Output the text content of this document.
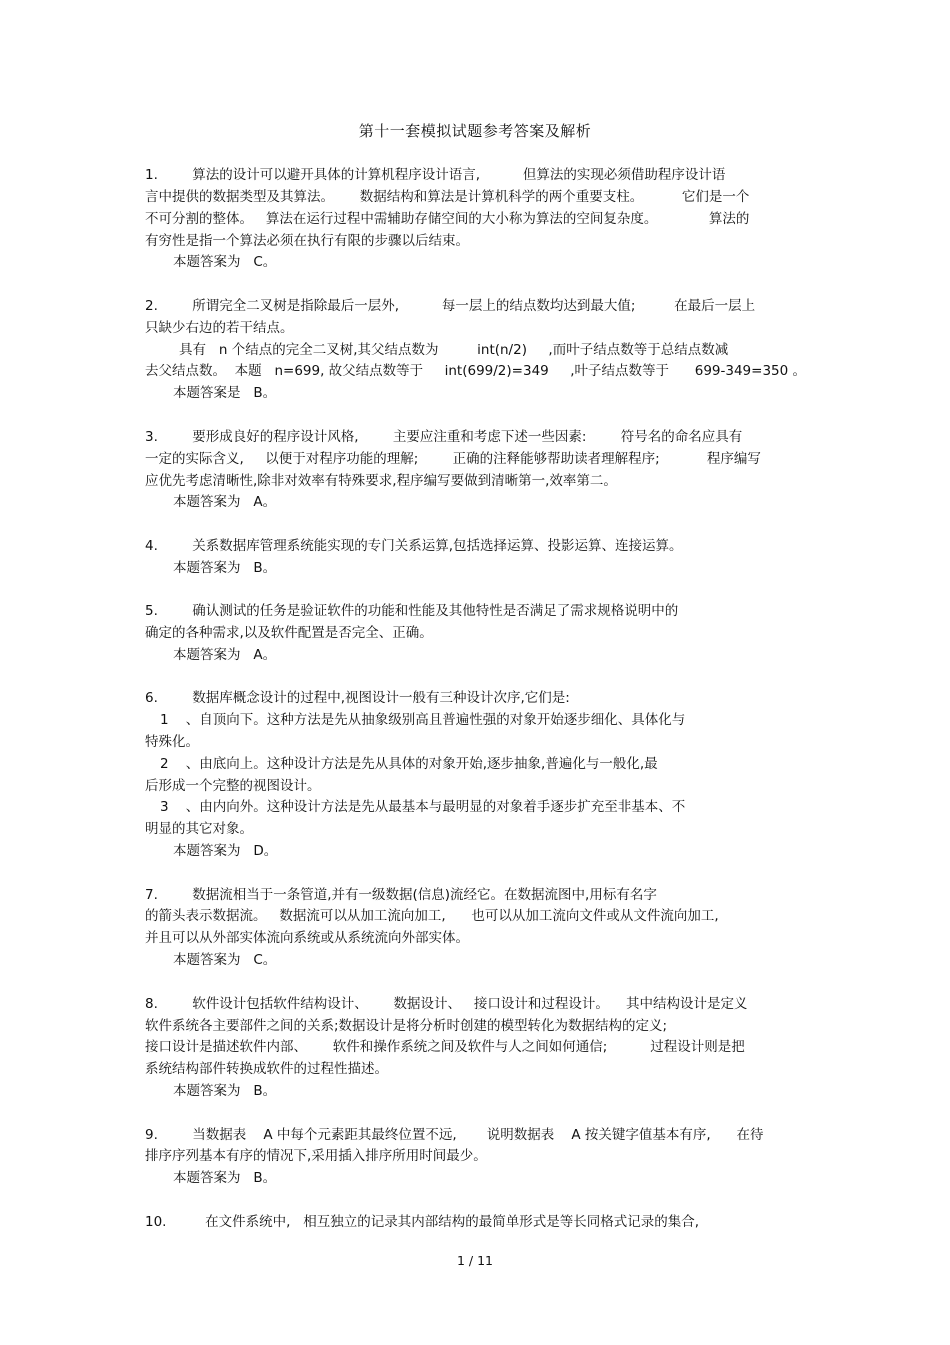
第十一套模拟试题参考答案及解析
1.        算法的设计可以避开具体的计算机程序设计语言,          但算法的实现必须借助程序设计语
言中提供的数据类型及其算法。      数据结构和算法是计算机科学的两个重要支柱。         它们是一个
不可分割的整体。   算法在运行过程中需辅助存储空间的大小称为算法的空间复杂度。            算法的
有穷性是指一个算法必须在执行有限的步骤以后结束。
本题答案为   C。
2.        所谓完全二叉树是指除最后一层外,          每一层上的结点数均达到最大值;         在最后一层上
只缺少右边的若干结点。
具有   n 个结点的完全二叉树,其父结点数为         int(n/2)     ,而叶子结点数等于总结点数减
去父结点数。  本题   n=699, 故父结点数等于     int(699/2)=349     ,叶子结点数等于      699-349=350 。
本题答案是   B。
3.        要形成良好的程序设计风格,        主要应注重和考虑下述一些因素:        符号名的命名应具有
一定的实际含义,     以便于对程序功能的理解;        正确的注释能够帮助读者理解程序;           程序编写
应优先考虑清晰性,除非对效率有特殊要求,程序编写要做到清晰第一,效率第二。
本题答案为   A。
4.        关系数据库管理系统能实现的专门关系运算,包括选择运算、投影运算、连接运算。
本题答案为   B。
5.        确认测试的任务是验证软件的功能和性能及其他特性是否满足了需求规格说明中的
确定的各种需求,以及软件配置是否完全、正确。
本题答案为   A。
6.        数据库概念设计的过程中,视图设计一般有三种设计次序,它们是:
1    、自顶向下。这种方法是先从抽象级别高且普遍性强的对象开始逐步细化、具体化与
特殊化。
2    、由底向上。这种设计方法是先从具体的对象开始,逐步抽象,普遍化与一般化,最
后形成一个完整的视图设计。
3    、由内向外。这种设计方法是先从最基本与最明显的对象着手逐步扩充至非基本、不
明显的其它对象。
本题答案为   D。
7.        数据流相当于一条管道,并有一级数据(信息)流经它。在数据流图中,用标有名字
的箭头表示数据流。   数据流可以从加工流向加工,      也可以从加工流向文件或从文件流向加工,
并且可以从外部实体流向系统或从系统流向外部实体。
本题答案为   C。
8.        软件设计包括软件结构设计、      数据设计、   接口设计和过程设计。    其中结构设计是定义
软件系统各主要部件之间的关系;数据设计是将分析时创建的模型转化为数据结构的定义;
接口设计是描述软件内部、      软件和操作系统之间及软件与人之间如何通信;          过程设计则是把
系统结构部件转换成软件的过程性描述。
本题答案为   B。
9.        当数据表    A 中每个元素距其最终位置不远,       说明数据表    A 按关键字值基本有序,      在待
排序序列基本有序的情况下,采用插入排序所用时间最少。
本题答案为   B。
10.         在文件系统中,   相互独立的记录其内部结构的最简单形式是等长同格式记录的集合,
1 / 11
